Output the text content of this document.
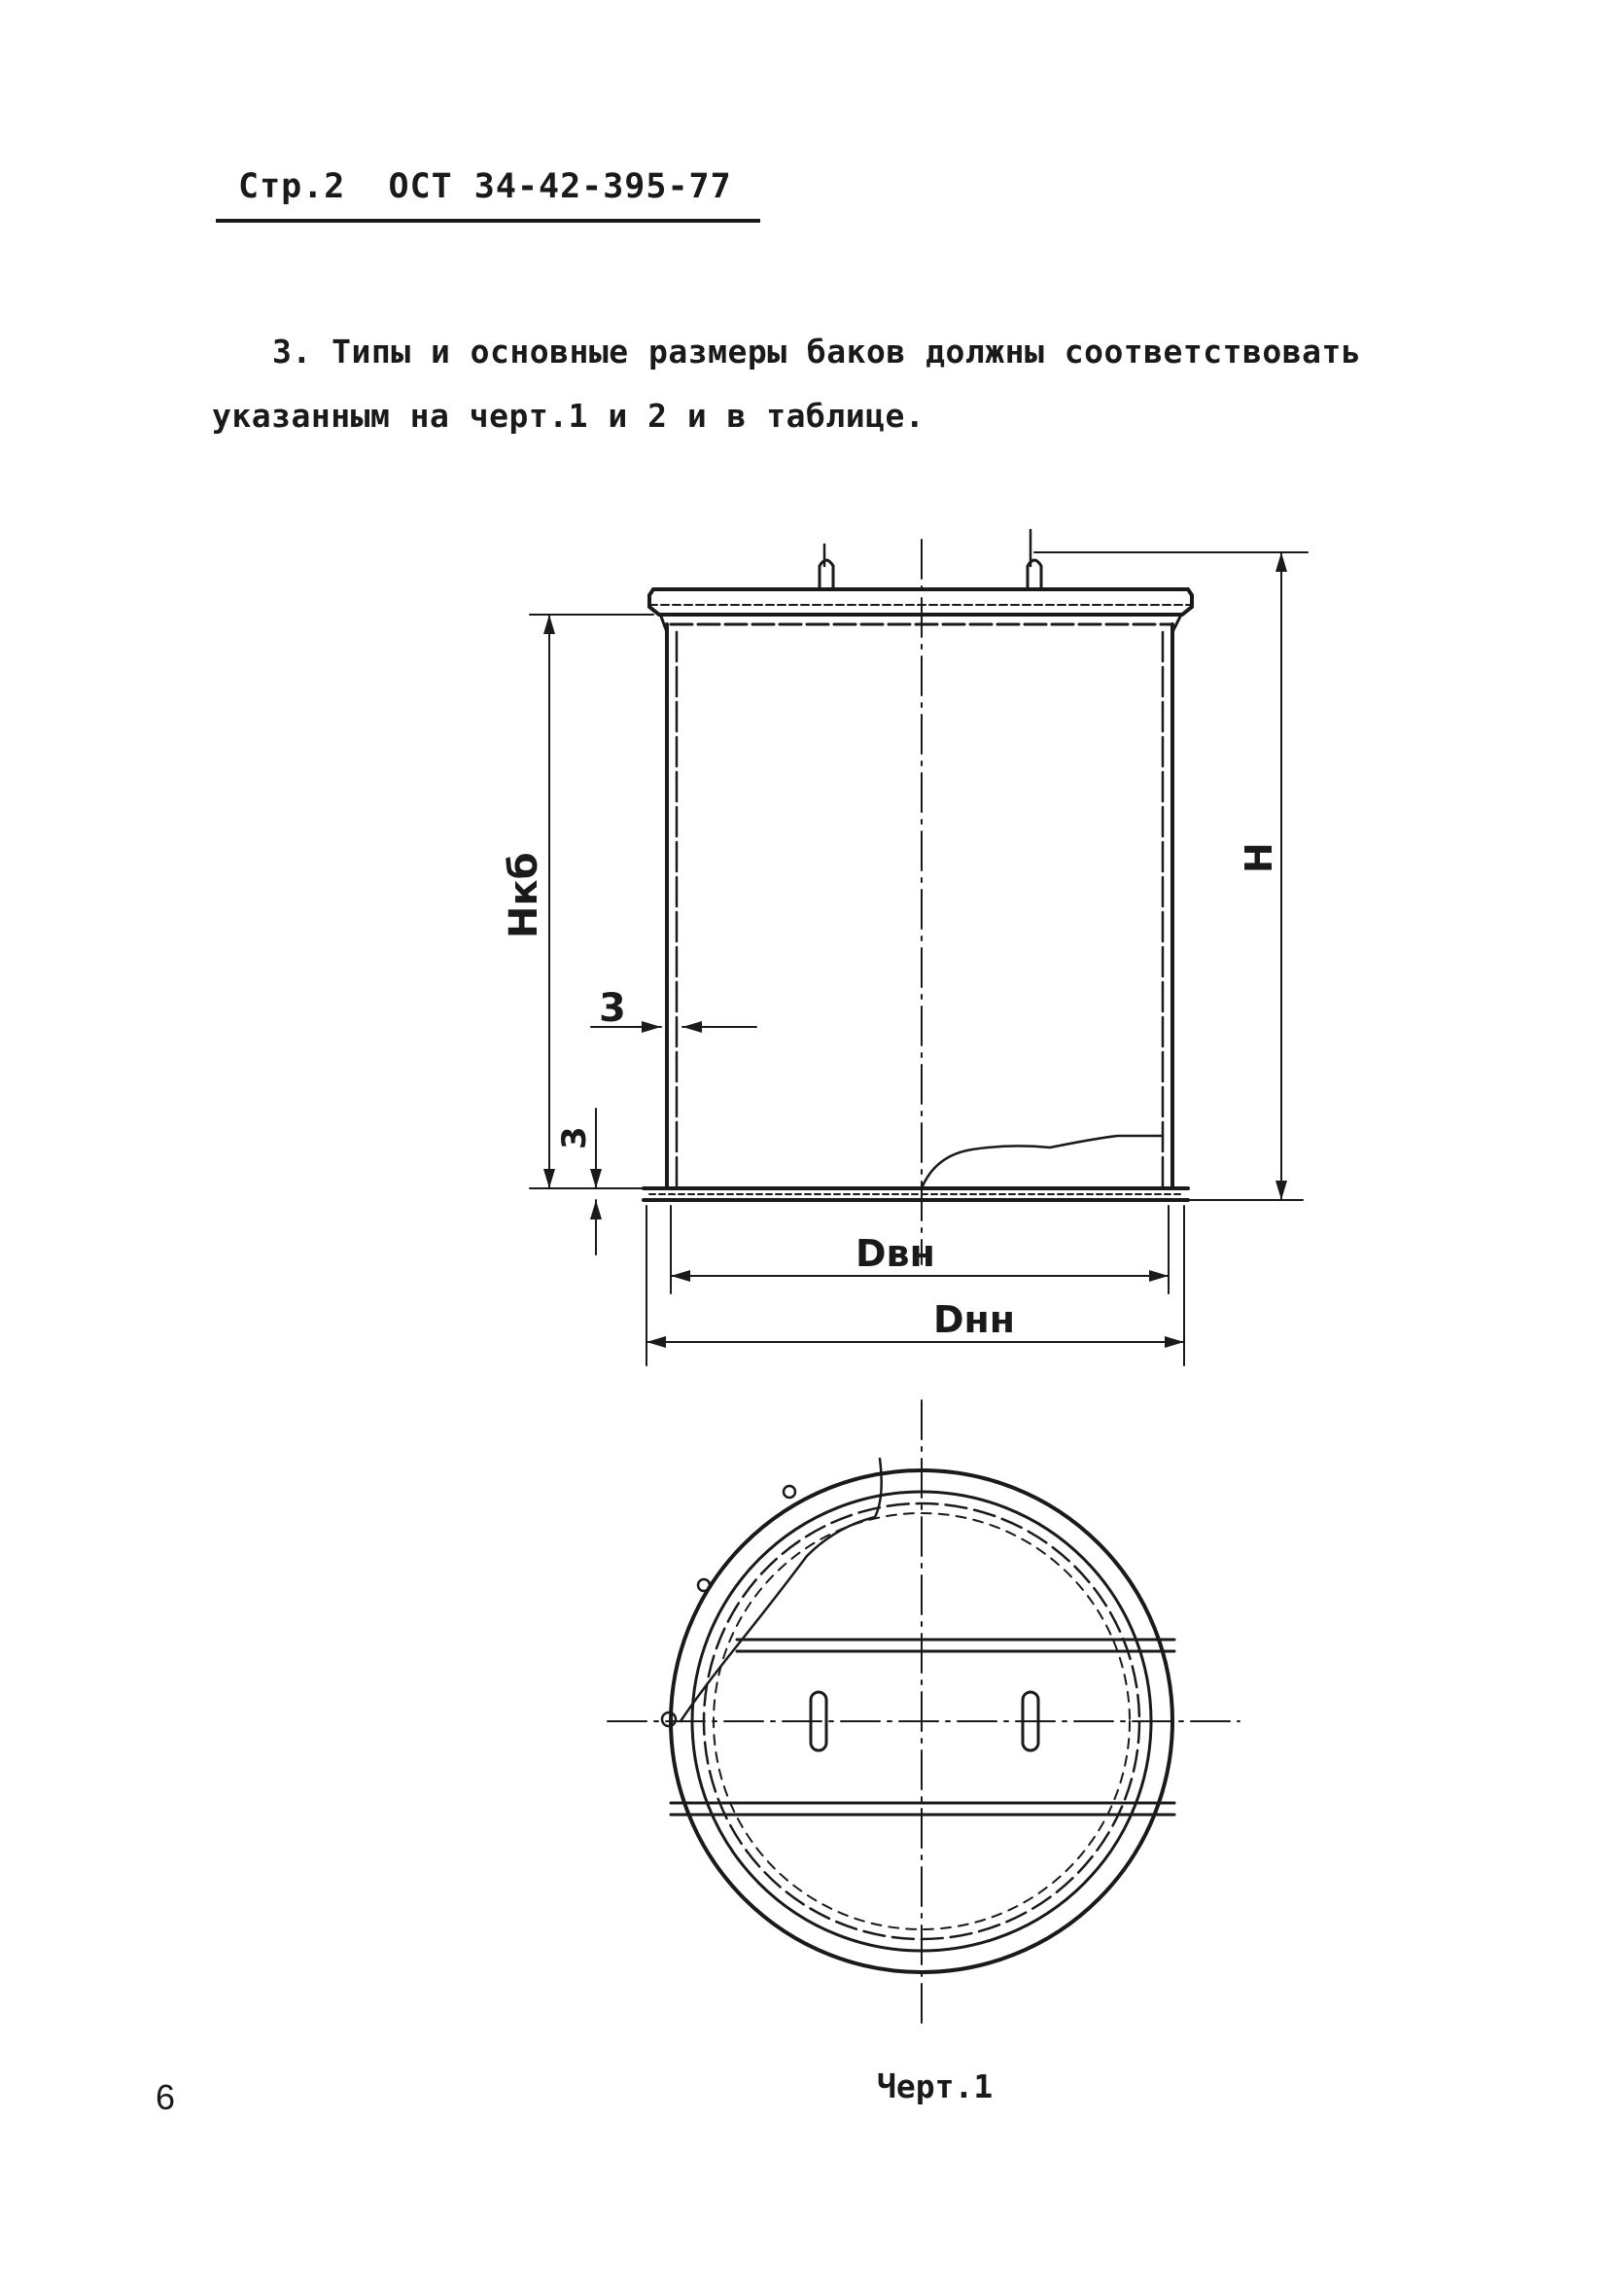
Стр.2 ОСТ 34-42-395-77
3. Типы и основные размеры баков должны соответствовать
указанным на черт.1 и 2 и в таблице.
Нкб
3
3
Н
Dвн
Dнн
Черт.1
6
